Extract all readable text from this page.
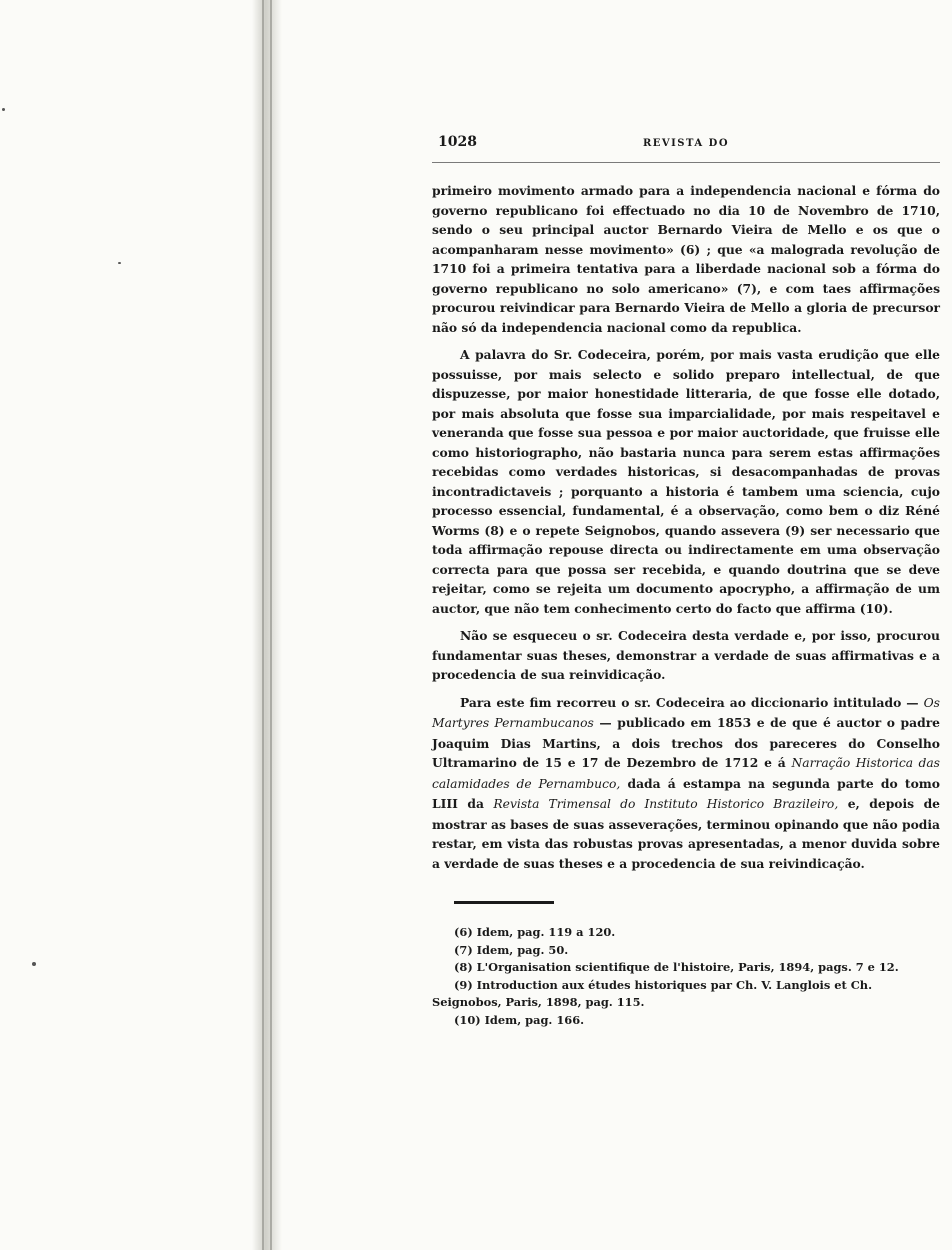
1028	REVISTA DO

primeiro movimento armado para a independencia nacional e fórma do governo republicano foi effectuado no dia 10 de Novembro de 1710, sendo o seu principal auctor Bernardo Vieira de Mello e os que o acompanharam nesse movimento» (6) ; que «a malograda revolução de 1710 foi a primeira tentativa para a liberdade nacional sob a fórma do governo republicano no solo americano» (7), e com taes affirmações procurou reivindicar para Bernardo Vieira de Mello a gloria de precursor não só da independencia nacional como da republica.

A palavra do Sr. Codeceira, porém, por mais vasta erudição que elle possuisse, por mais selecto e solido preparo intellectual, de que dispuzesse, por maior honestidade litteraria, de que fosse elle dotado, por mais absoluta que fosse sua imparcialidade, por mais respeitavel e veneranda que fosse sua pessoa e por maior auctoridade, que fruisse elle como historiographo, não bastaria nunca para serem estas affirmações recebidas como verdades historicas, si desacompanhadas de provas incontradictaveis ; porquanto a historia é tambem uma sciencia, cujo processo essencial, fundamental, é a observação, como bem o diz Réné Worms (8) e o repete Seignobos, quando assevera (9) ser necessario que toda affirmação repouse directa ou indirectamente em uma observação correcta para que possa ser recebida, e quando doutrina que se deve rejeitar, como se rejeita um documento apocrypho, a affirmação de um auctor, que não tem conhecimento certo do facto que affirma (10).

Não se esqueceu o sr. Codeceira desta verdade e, por isso, procurou fundamentar suas theses, demonstrar a verdade de suas affirmativas e a procedencia de sua reinvidicação.

Para este fim recorreu o sr. Codeceira ao diccionario intitulado — Os Martyres Pernambucanos — publicado em 1853 e de que é auctor o padre Joaquim Dias Martins, a dois trechos dos pareceres do Conselho Ultramarino de 15 e 17 de Dezembro de 1712 e á Narração Historica das calamidades de Pernambuco, dada á estampa na segunda parte do tomo LIII da Revista Trimensal do Instituto Historico Brazileiro, e, depois de mostrar as bases de suas asseverações, terminou opinando que não podia restar, em vista das robustas provas apresentadas, a menor duvida sobre a verdade de suas theses e a procedencia de sua reivindicação.

(6) Idem, pag. 119 a 120.
(7) Idem, pag. 50.
(8) L'Organisation scientifique de l'histoire, Paris, 1894, pags. 7 e 12.
(9) Introduction aux études historiques par Ch. V. Langlois et Ch. Seignobos, Paris, 1898, pag. 115.
(10) Idem, pag. 166.
